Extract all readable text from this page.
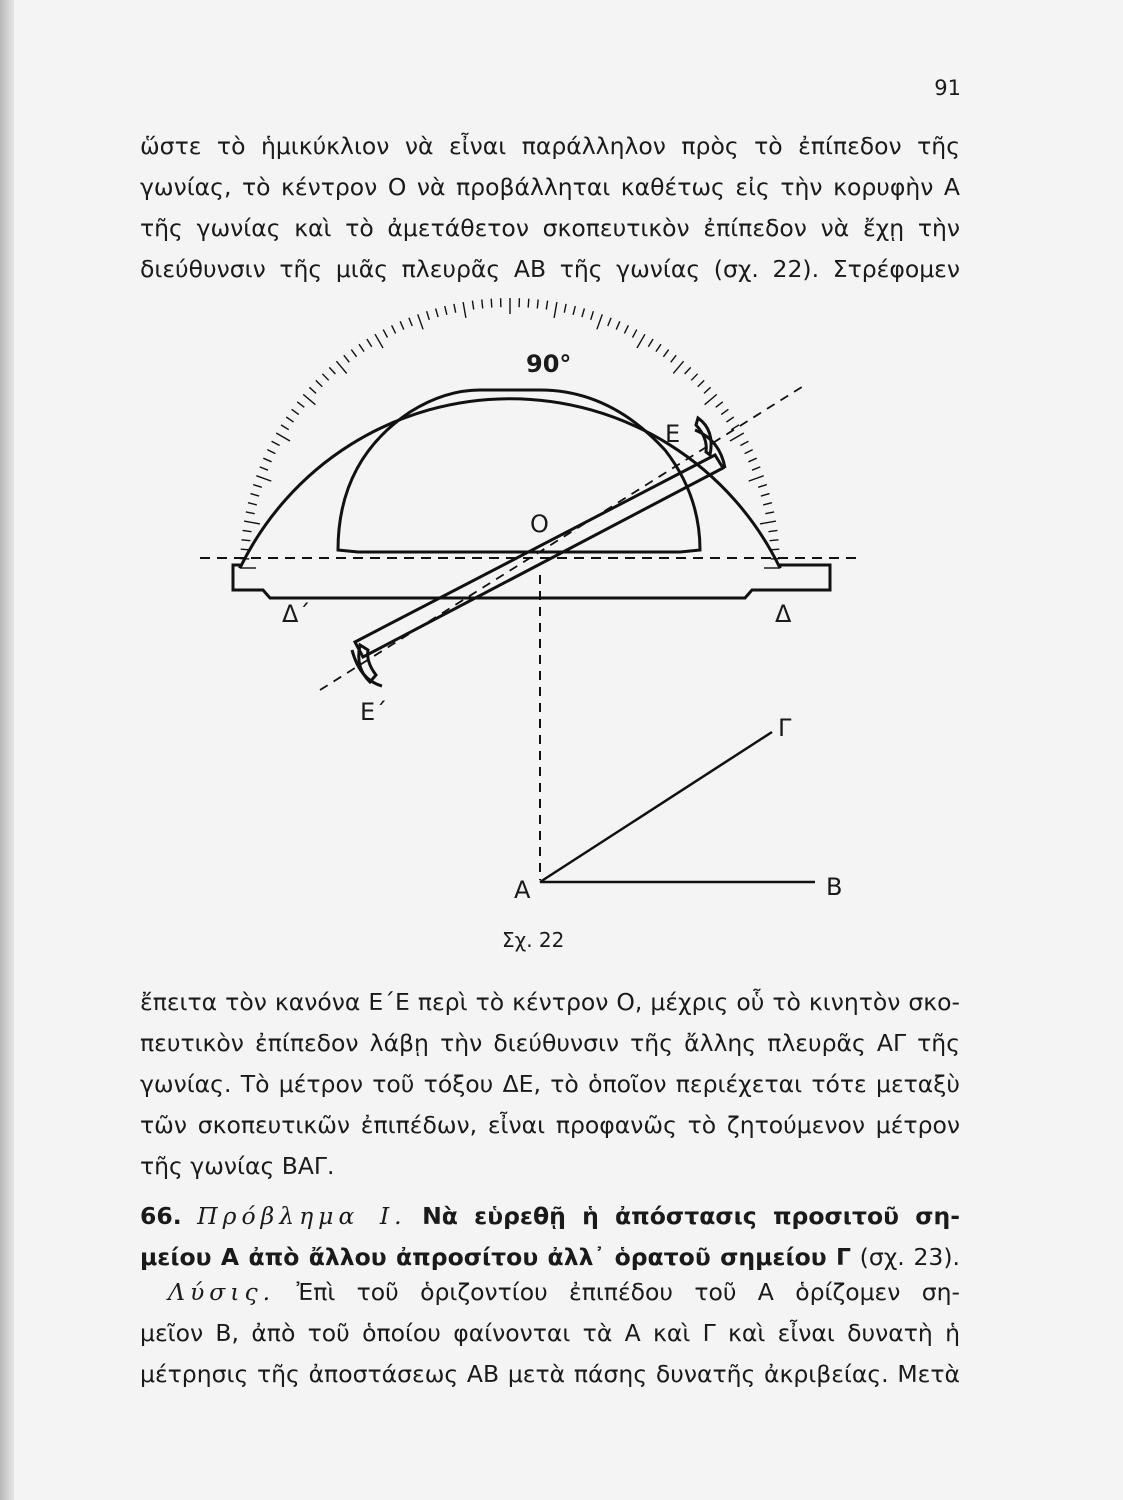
91
ὥστε τὸ ἡμικύκλιον νὰ εἶναι παράλληλον πρὸς τὸ ἐπίπεδον τῆς
γωνίας, τὸ κέντρον Ο νὰ προβάλληται καθέτως εἰς τὴν κορυφὴν Α
τῆς γωνίας καὶ τὸ ἀμετάθετον σκοπευτικὸν ἐπίπεδον νὰ ἔχῃ τὴν
διεύθυνσιν τῆς μιᾶς πλευρᾶς ΑΒ τῆς γωνίας (σχ. 22). Στρέφομεν
90°
Ε
Ο
Δ΄	Δ
Ε΄
Γ
Α	Β
Σχ. 22
ἔπειτα τὸν κανόνα Ε΄Ε περὶ τὸ κέντρον Ο, μέχρις οὗ τὸ κινητὸν σκο-
πευτικὸν ἐπίπεδον λάβῃ τὴν διεύθυνσιν τῆς ἄλλης πλευρᾶς ΑΓ τῆς
γωνίας. Τὸ μέτρον τοῦ τόξου ΔΕ, τὸ ὁποῖον περιέχεται τότε μεταξὺ
τῶν σκοπευτικῶν ἐπιπέδων, εἶναι προφανῶς τὸ ζητούμενον μέτρον
τῆς γωνίας ΒΑΓ.
66. Πρόβλημα Ι. Νὰ εὑρεθῇ ἡ ἀπόστασις προσιτοῦ ση-
μείου Α ἀπὸ ἄλλου ἀπροσίτου ἀλλ᾽ ὁρατοῦ σημείου Γ (σχ. 23).
Λύσις. Ἐπὶ τοῦ ὁριζοντίου ἐπιπέδου τοῦ Α ὁρίζομεν ση-
μεῖον Β, ἀπὸ τοῦ ὁποίου φαίνονται τὰ Α καὶ Γ καὶ εἶναι δυνατὴ ἡ
μέτρησις τῆς ἀποστάσεως ΑΒ μετὰ πάσης δυνατῆς ἀκριβείας. Μετὰ
